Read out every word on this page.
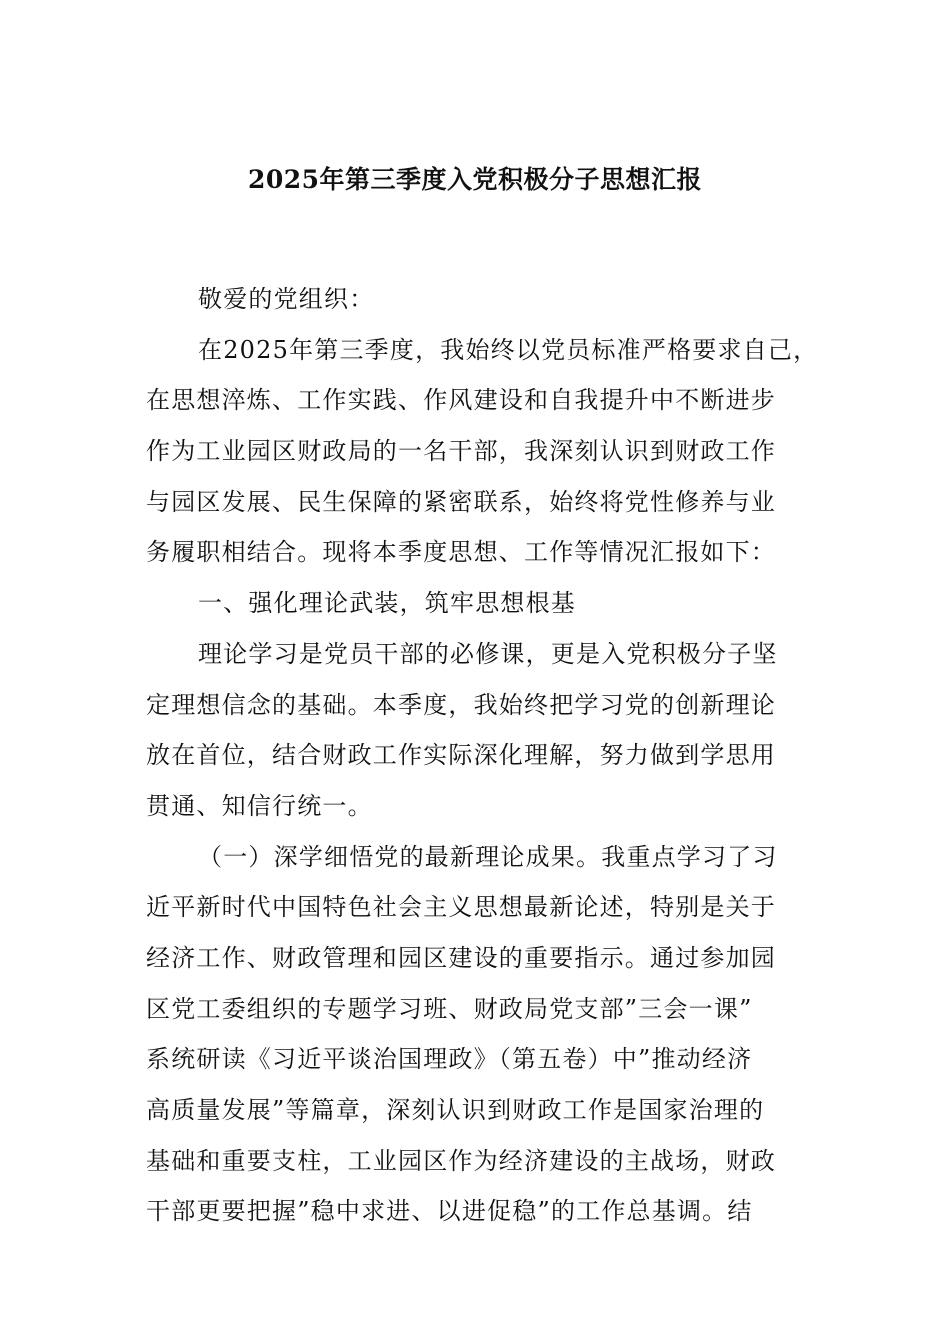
2025年第三季度入党积极分子思想汇报
敬爱的党组织：
在2025年第三季度，我始终以党员标准严格要求自己，
在思想淬炼、工作实践、作风建设和自我提升中不断进步
作为工业园区财政局的一名干部，我深刻认识到财政工作
与园区发展、民生保障的紧密联系，始终将党性修养与业
务履职相结合。现将本季度思想、工作等情况汇报如下：
一、强化理论武装，筑牢思想根基
理论学习是党员干部的必修课，更是入党积极分子坚
定理想信念的基础。本季度，我始终把学习党的创新理论
放在首位，结合财政工作实际深化理解，努力做到学思用
贯通、知信行统一。
（一）深学细悟党的最新理论成果。我重点学习了习
近平新时代中国特色社会主义思想最新论述，特别是关于
经济工作、财政管理和园区建设的重要指示。通过参加园
区党工委组织的专题学习班、财政局党支部”三会一课”
系统研读《习近平谈治国理政》（第五卷）中”推动经济
高质量发展”等篇章，深刻认识到财政工作是国家治理的
基础和重要支柱，工业园区作为经济建设的主战场，财政
干部更要把握”稳中求进、以进促稳”的工作总基调。结
